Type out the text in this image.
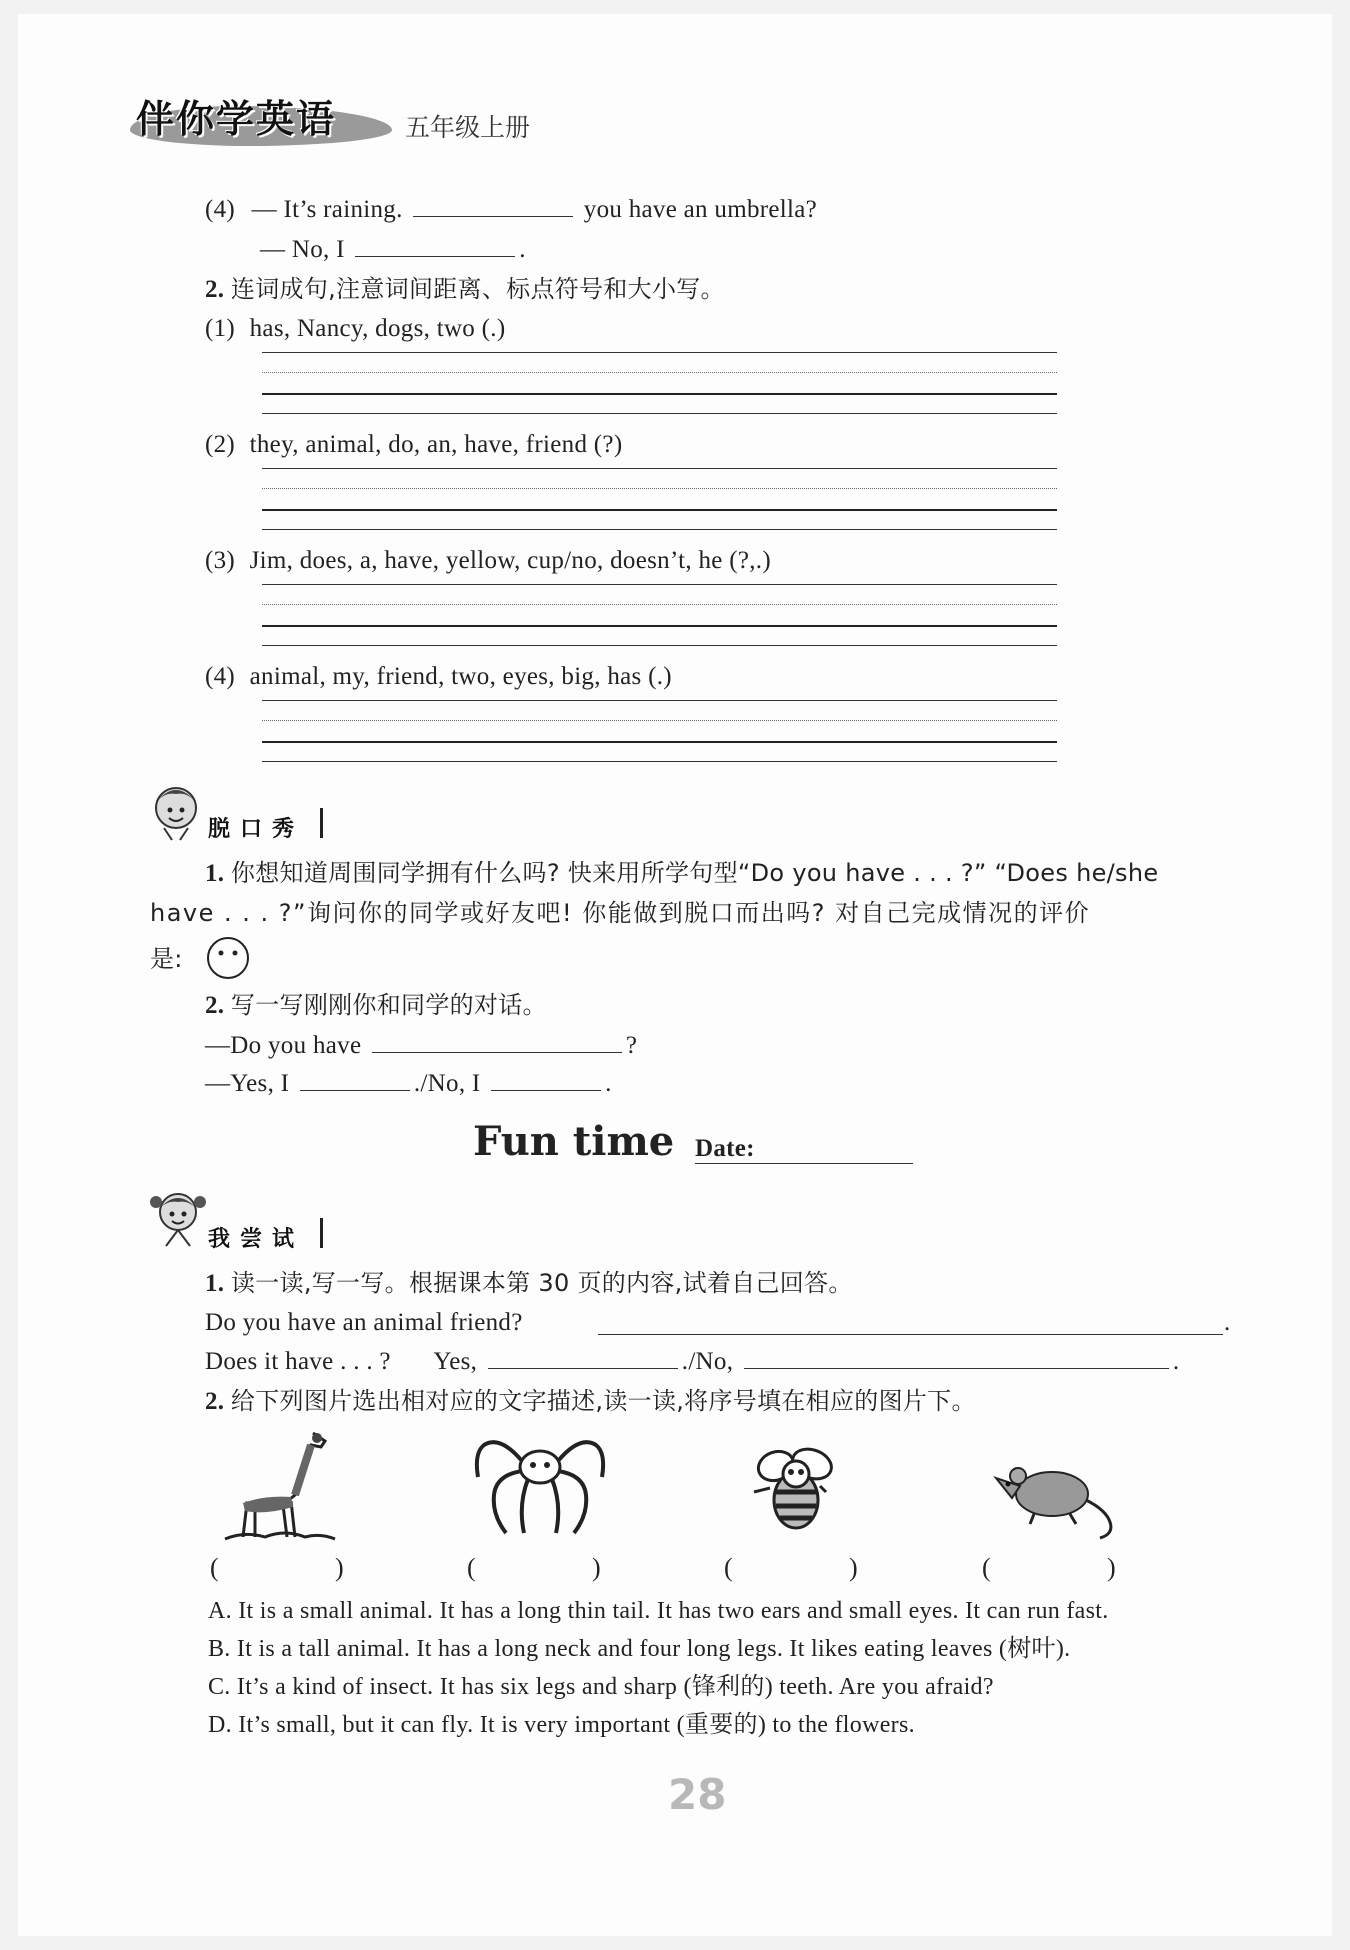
伴你学英语	五年级上册
(4) — It’s raining.	you have an umbrella?
— No, I	.
2. 连词成句,注意词间距离、标点符号和大小写。
(1) has, Nancy, dogs, two (.)
(2) they, animal, do, an, have, friend (?)
(3) Jim, does, a, have, yellow, cup/no, doesn’t, he (?,.)
(4) animal, my, friend, two, eyes, big, has (.)
脱口秀
1. 你想知道周围同学拥有什么吗? 快来用所学句型“Do you have . . . ?” “Does he/she
have . . . ?”询问你的同学或好友吧! 你能做到脱口而出吗? 对自己完成情况的评价
是:
2. 写一写刚刚你和同学的对话。
—Do you have	?
—Yes, I	./No, I	.
Fun time Date:
我尝试
1. 读一读,写一写。根据课本第 30 页的内容,试着自己回答。
Do you have an animal friend?	.
Does it have . . . ? Yes,	./No,	.
2. 给下列图片选出相对应的文字描述,读一读,将序号填在相应的图片下。
(	)	(	)	(	)	(	)
A. It is a small animal. It has a long thin tail. It has two ears and small eyes. It can run fast.
B. It is a tall animal. It has a long neck and four long legs. It likes eating leaves (树叶).
C. It’s a kind of insect. It has six legs and sharp (锋利的) teeth. Are you afraid?
D. It’s small, but it can fly. It is very important (重要的) to the flowers.
28
